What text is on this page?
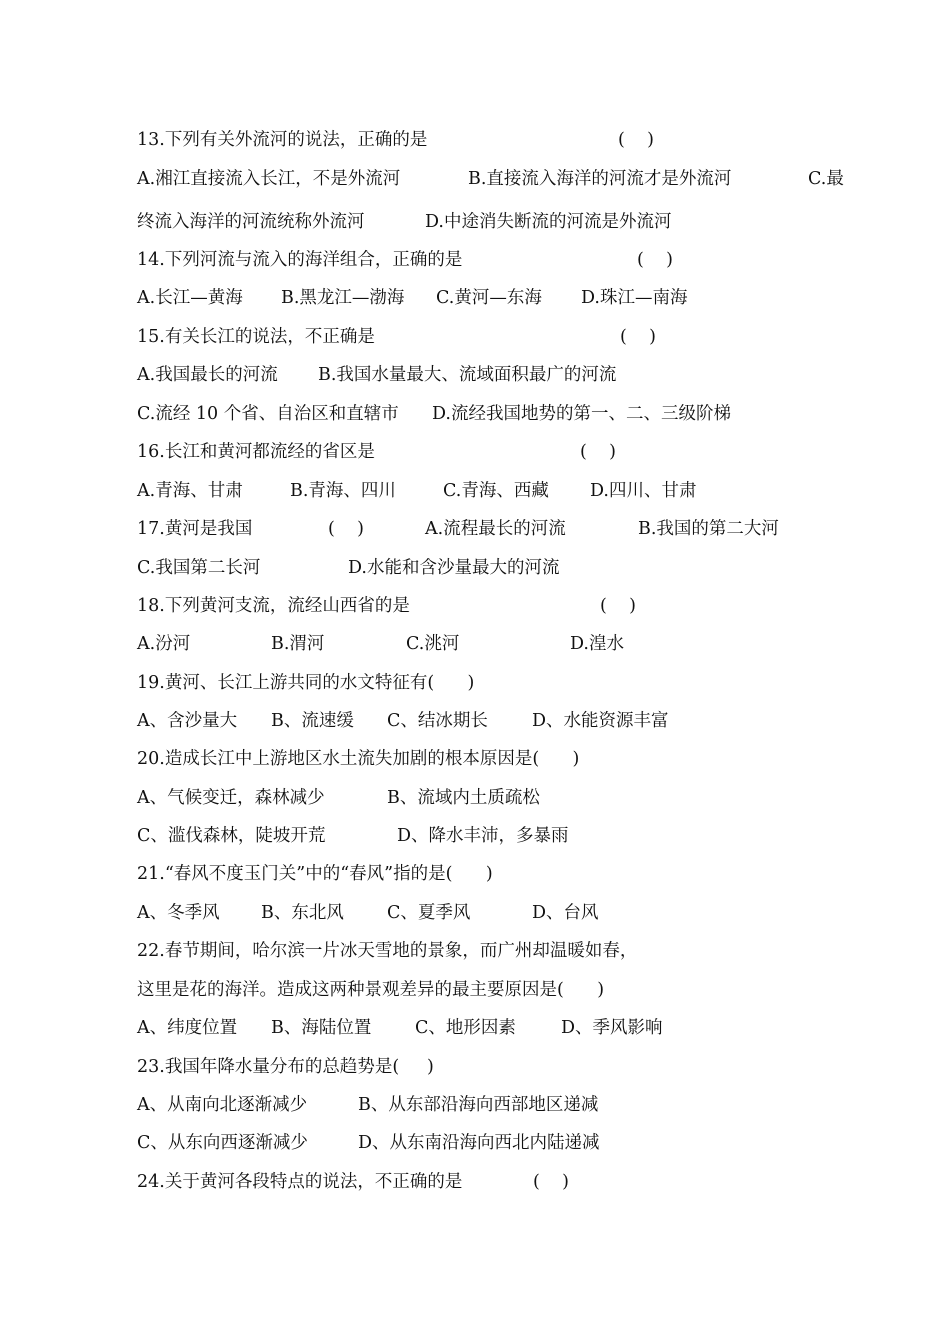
13.下列有关外流河的说法，正确的是	(    )
A.湘江直接流入长江，不是外流河	B.直接流入海洋的河流才是外流河	C.最
终流入海洋的河流统称外流河	D.中途消失断流的河流是外流河
14.下列河流与流入的海洋组合，正确的是	(    )
A.长江—黄海 B.黑龙江—渤海 C.黄河—东海 D.珠江—南海
15.有关长江的说法，不正确是	(    )
A.我国最长的河流 B.我国水量最大、流域面积最广的河流
C.流经 10 个省、自治区和直辖市 D.流经我国地势的第一、二、三级阶梯
16.长江和黄河都流经的省区是	(    )
A.青海、甘肃	B.青海、四川	C.青海、西藏 D.四川、甘肃
17.黄河是我国	(    )	A.流程最长的河流	B.我国的第二大河
C.我国第二长河	D.水能和含沙量最大的河流
18.下列黄河支流，流经山西省的是	(    )
A.汾河	B.渭河	C.洮河	D.湟水
19.黄河、长江上游共同的水文特征有(      )
A、含沙量大 B、流速缓 C、结冰期长	D、水能资源丰富
20.造成长江中上游地区水土流失加剧的根本原因是(      )
A、气候变迁，森林减少	B、流域内土质疏松
C、滥伐森林，陡坡开荒	D、降水丰沛，多暴雨
21.“春风不度玉门关”中的“春风”指的是(      )
A、冬季风 B、东北风 C、夏季风	D、台风
22.春节期间，哈尔滨一片冰天雪地的景象，而广州却温暖如春，
这里是花的海洋。造成这两种景观差异的最主要原因是(      )
A、纬度位置 B、海陆位置 C、地形因素	D、季风影响
23.我国年降水量分布的总趋势是(     )
A、从南向北逐渐减少	B、从东部沿海向西部地区递减
C、从东向西逐渐减少	D、从东南沿海向西北内陆递减
24.关于黄河各段特点的说法，不正确的是	(    )
